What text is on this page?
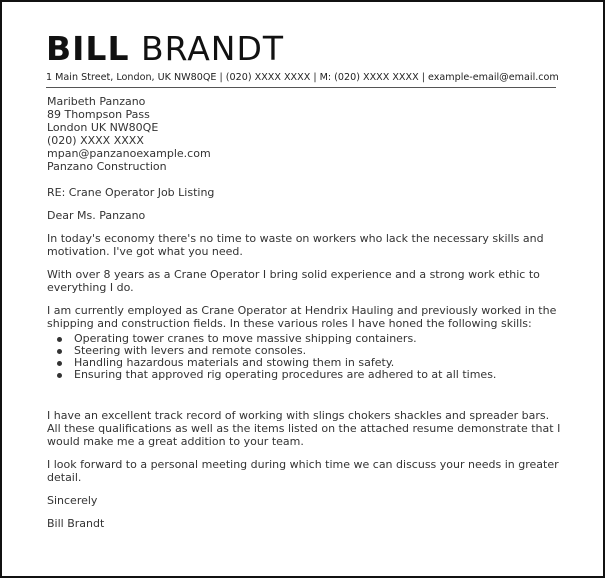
BILL BRANDT
1 Main Street, London, UK NW80QE | (020) XXXX XXXX | M: (020) XXXX XXXX | example-email@email.com
Maribeth Panzano
89 Thompson Pass
London UK NW80QE
(020) XXXX XXXX
mpan@panzanoexample.com
Panzano Construction

RE: Crane Operator Job Listing

Dear Ms. Panzano

In today's economy there's no time to waste on workers who lack the necessary skills and motivation. I've got what you need.

With over 8 years as a Crane Operator I bring solid experience and a strong work ethic to everything I do.

I am currently employed as Crane Operator at Hendrix Hauling and previously worked in the shipping and construction fields. In these various roles I have honed the following skills:

Operating tower cranes to move massive shipping containers.
Steering with levers and remote consoles.
Handling hazardous materials and stowing them in safety.
Ensuring that approved rig operating procedures are adhered to at all times.

I have an excellent track record of working with slings chokers shackles and spreader bars. All these qualifications as well as the items listed on the attached resume demonstrate that I would make me a great addition to your team.

I look forward to a personal meeting during which time we can discuss your needs in greater detail.

Sincerely

Bill Brandt
